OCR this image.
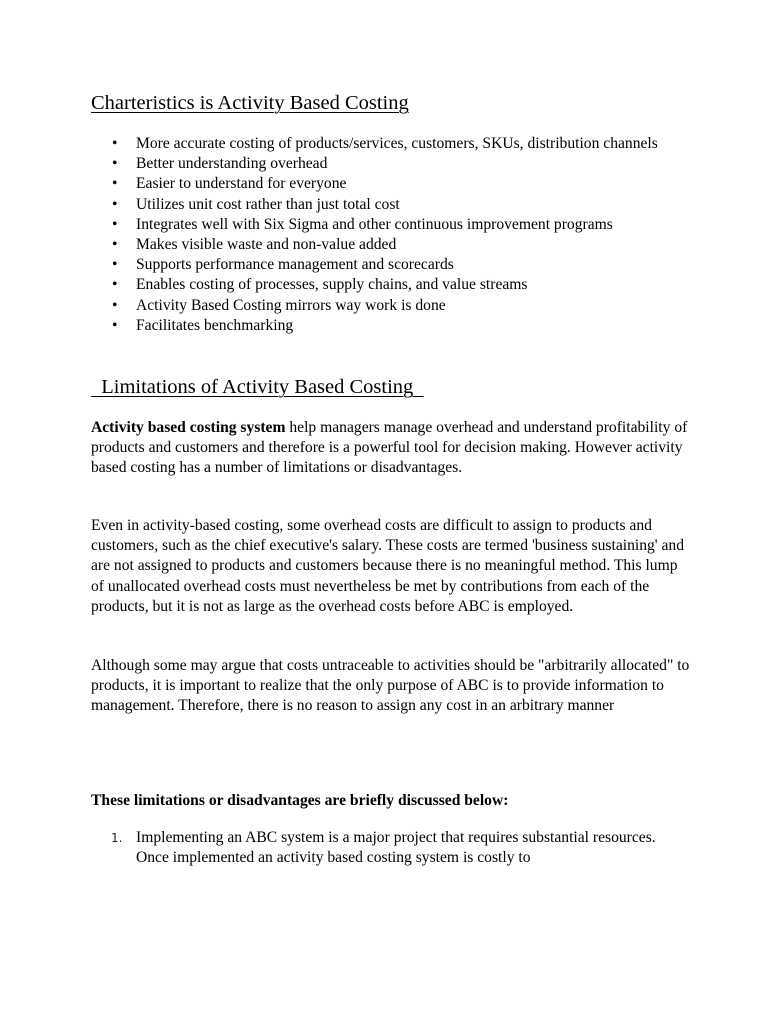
Charteristics is Activity Based Costing
• More accurate costing of products/services, customers, SKUs, distribution channels
• Better understanding overhead
• Easier to understand for everyone
• Utilizes unit cost rather than just total cost
• Integrates well with Six Sigma and other continuous improvement programs
• Makes visible waste and non-value added
• Supports performance management and scorecards
• Enables costing of processes, supply chains, and value streams
• Activity Based Costing mirrors way work is done
• Facilitates benchmarking
Limitations of Activity Based Costing

Activity based costing system help managers manage overhead and understand profitability of products and customers and therefore is a powerful tool for decision making. However activity based costing has a number of limitations or disadvantages.

Even in activity-based costing, some overhead costs are difficult to assign to products and customers, such as the chief executive's salary. These costs are termed 'business sustaining' and are not assigned to products and customers because there is no meaningful method. This lump of unallocated overhead costs must nevertheless be met by contributions from each of the products, but it is not as large as the overhead costs before ABC is employed.

Although some may argue that costs untraceable to activities should be "arbitrarily allocated" to products, it is important to realize that the only purpose of ABC is to provide information to management. Therefore, there is no reason to assign any cost in an arbitrary manner

These limitations or disadvantages are briefly discussed below:

1. Implementing an ABC system is a major project that requires substantial resources. Once implemented an activity based costing system is costly to
